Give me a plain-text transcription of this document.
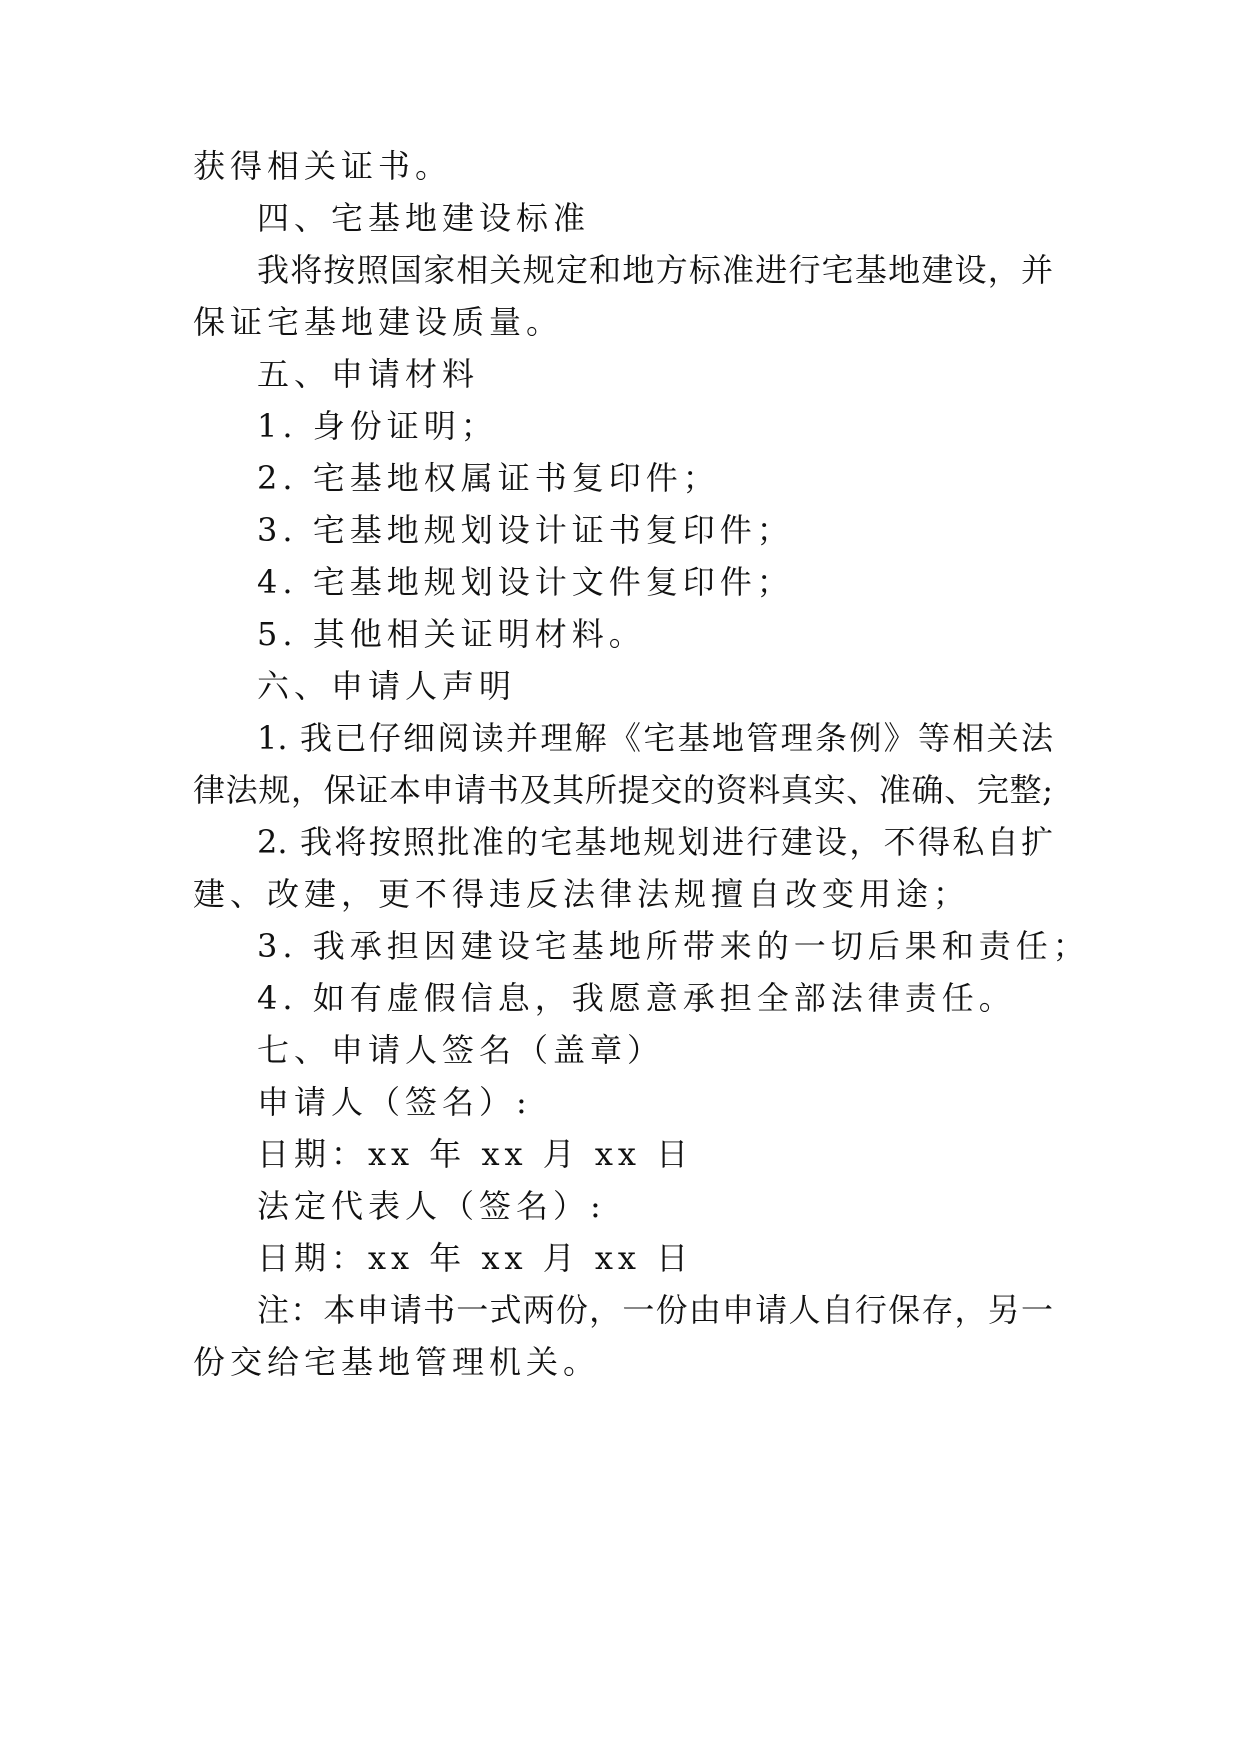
获得相关证书。
四、宅基地建设标准
我将按照国家相关规定和地方标准进行宅基地建设，并
保证宅基地建设质量。
五、申请材料
1. 身份证明；
2. 宅基地权属证书复印件；
3. 宅基地规划设计证书复印件；
4. 宅基地规划设计文件复印件；
5. 其他相关证明材料。
六、申请人声明
1. 我已仔细阅读并理解《宅基地管理条例》等相关法
律法规，保证本申请书及其所提交的资料真实、准确、完整;
2. 我将按照批准的宅基地规划进行建设，不得私自扩
建、改建，更不得违反法律法规擅自改变用途；
3. 我承担因建设宅基地所带来的一切后果和责任；
4. 如有虚假信息，我愿意承担全部法律责任。
七、申请人签名（盖章）
申请人（签名）:
日期：xx 年 xx 月 xx 日
法定代表人（签名）:
日期：xx 年 xx 月 xx 日
注：本申请书一式两份，一份由申请人自行保存，另一
份交给宅基地管理机关。
